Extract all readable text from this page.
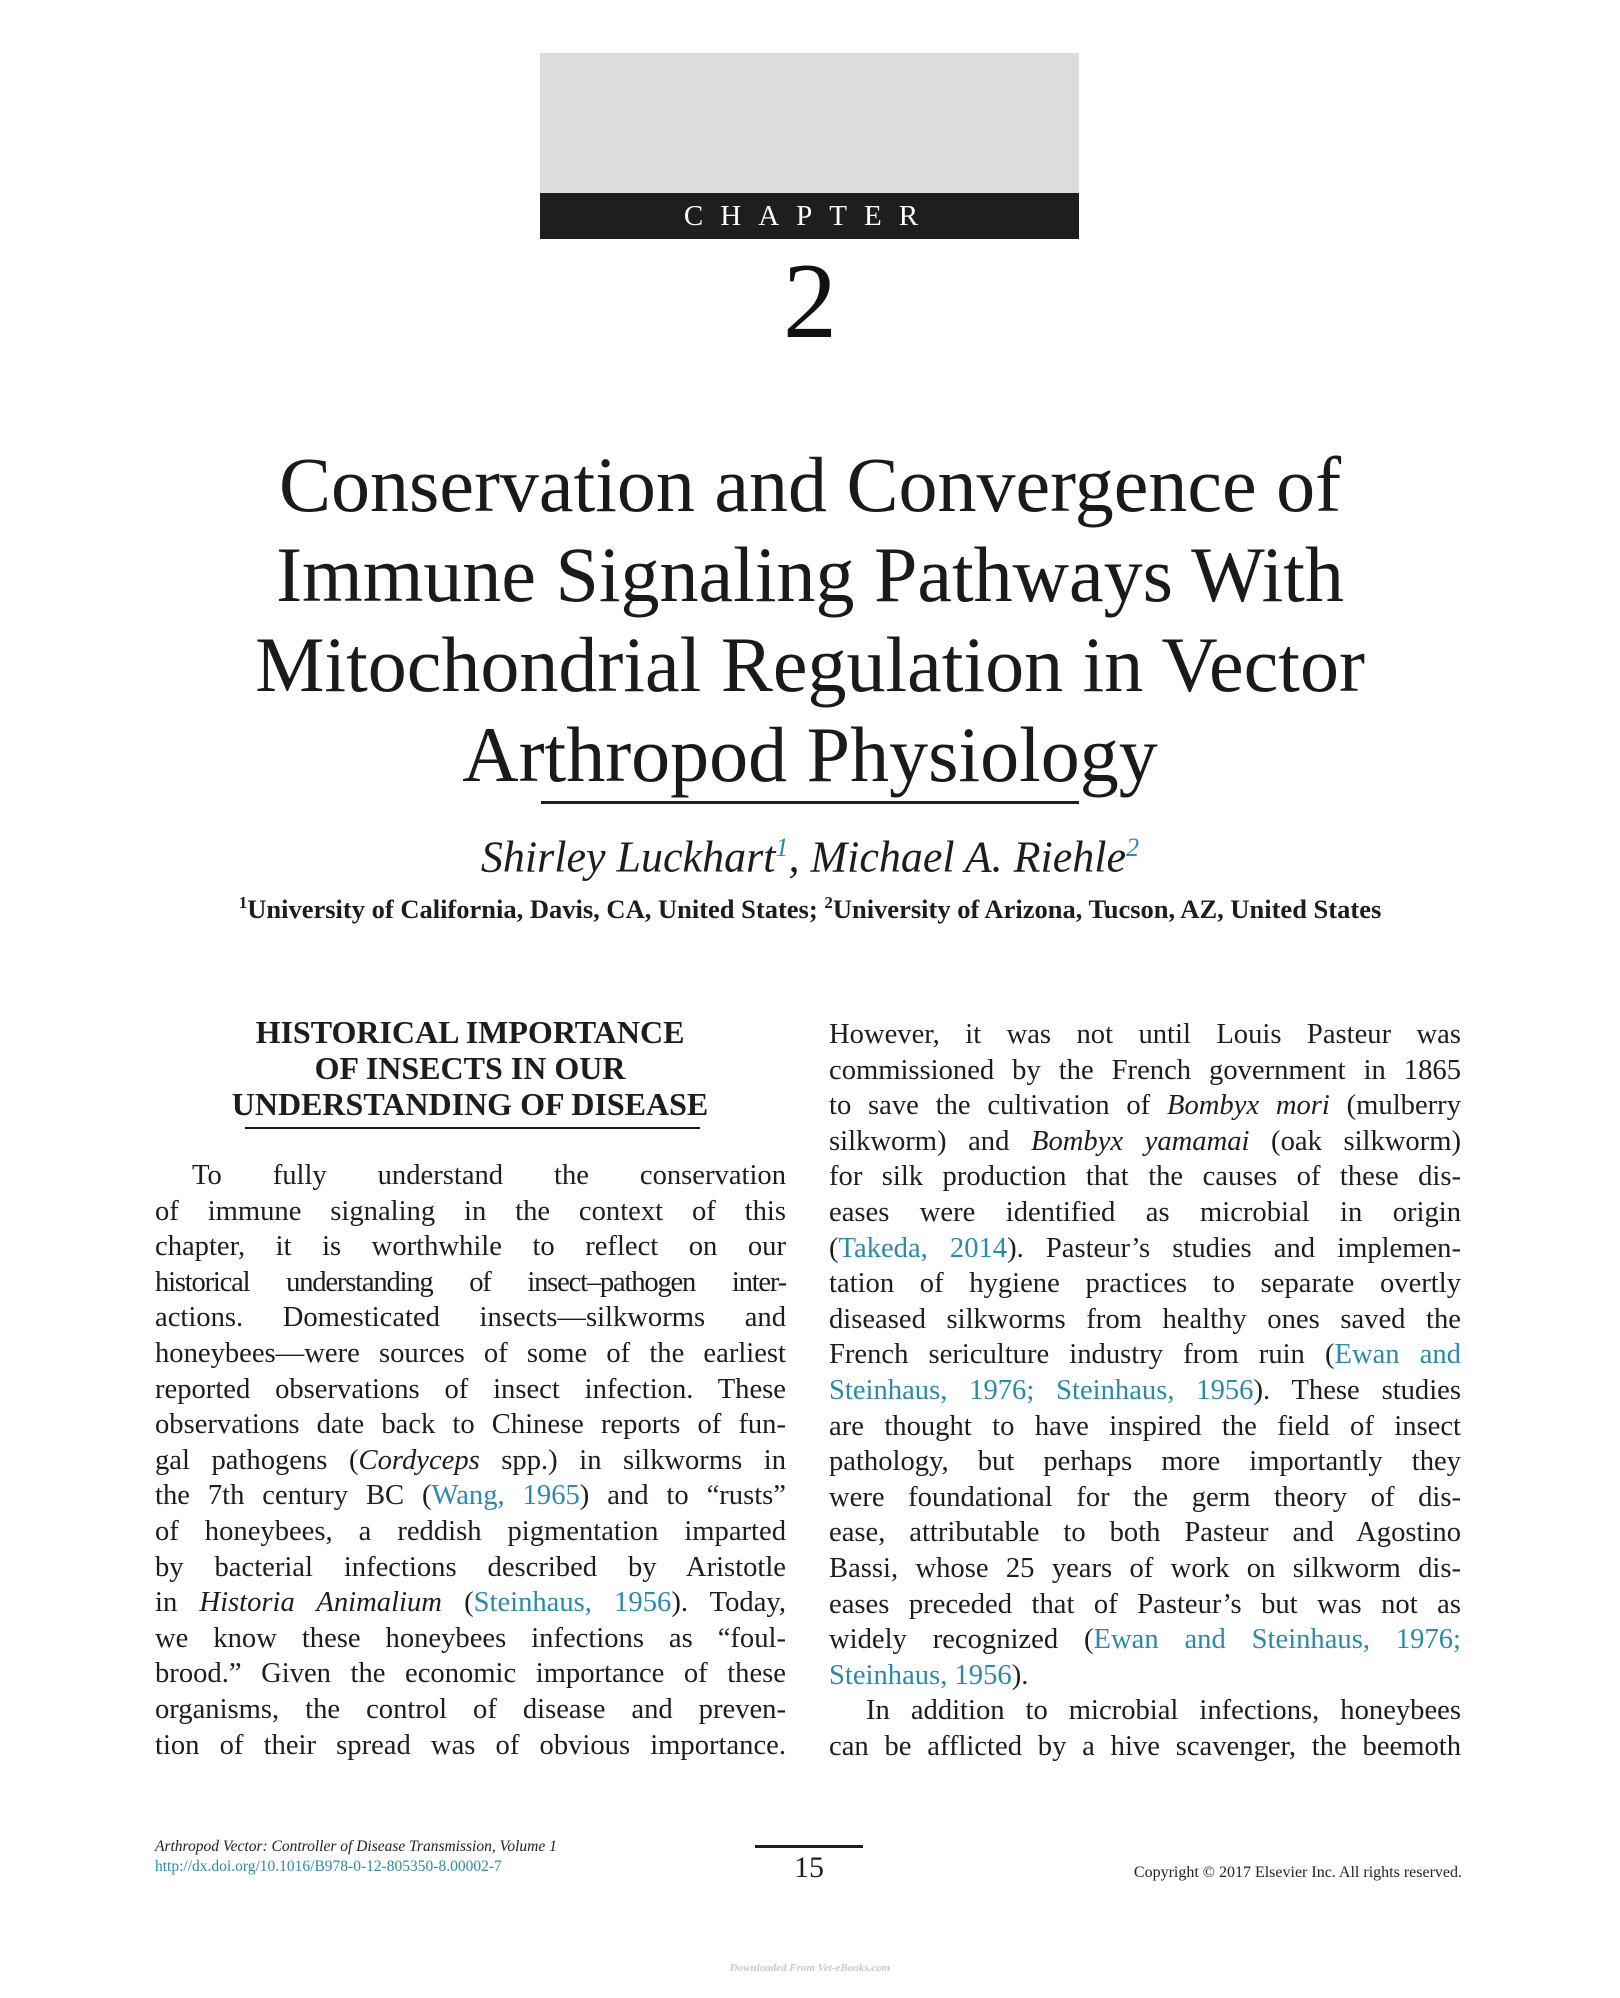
CHAPTER
2
Conservation and Convergence of
Immune Signaling Pathways With
Mitochondrial Regulation in Vector
Arthropod Physiology
Shirley Luckhart$^1$, Michael A. Riehle$^2$
$^1$University of California, Davis, CA, United States; $^2$University of Arizona, Tucson, AZ, United States
HISTORICAL IMPORTANCE
OF INSECTS IN OUR
UNDERSTANDING OF DISEASE

To fully understand the conservation
of immune signaling in the context of this
chapter, it is worthwhile to reflect on our
historical understanding of insect–pathogen inter-
actions. Domesticated insects—silkworms and
honeybees—were sources of some of the earliest
reported observations of insect infection. These
observations date back to Chinese reports of fun-
gal pathogens (Cordyceps spp.) in silkworms in
the 7th century BC (Wang, 1965) and to “rusts”
of honeybees, a reddish pigmentation imparted
by bacterial infections described by Aristotle
in Historia Animalium (Steinhaus, 1956). Today,
we know these honeybees infections as “foul-
brood.” Given the economic importance of these
organisms, the control of disease and preven-
tion of their spread was of obvious importance.

However, it was not until Louis Pasteur was
commissioned by the French government in 1865
to save the cultivation of Bombyx mori (mulberry
silkworm) and Bombyx yamamai (oak silkworm)
for silk production that the causes of these dis-
eases were identified as microbial in origin
(Takeda, 2014). Pasteur’s studies and implemen-
tation of hygiene practices to separate overtly
diseased silkworms from healthy ones saved the
French sericulture industry from ruin (Ewan and
Steinhaus, 1976; Steinhaus, 1956). These studies
are thought to have inspired the field of insect
pathology, but perhaps more importantly they
were foundational for the germ theory of dis-
ease, attributable to both Pasteur and Agostino
Bassi, whose 25 years of work on silkworm dis-
eases preceded that of Pasteur’s but was not as
widely recognized (Ewan and Steinhaus, 1976;
Steinhaus, 1956).

In addition to microbial infections, honeybees
can be afflicted by a hive scavenger, the beemoth

Arthropod Vector: Controller of Disease Transmission, Volume 1
http://dx.doi.org/10.1016/B978-0-12-805350-8.00002-7	15	Copyright © 2017 Elsevier Inc. All rights reserved.
Downloaded From Vet-eBooks.com
